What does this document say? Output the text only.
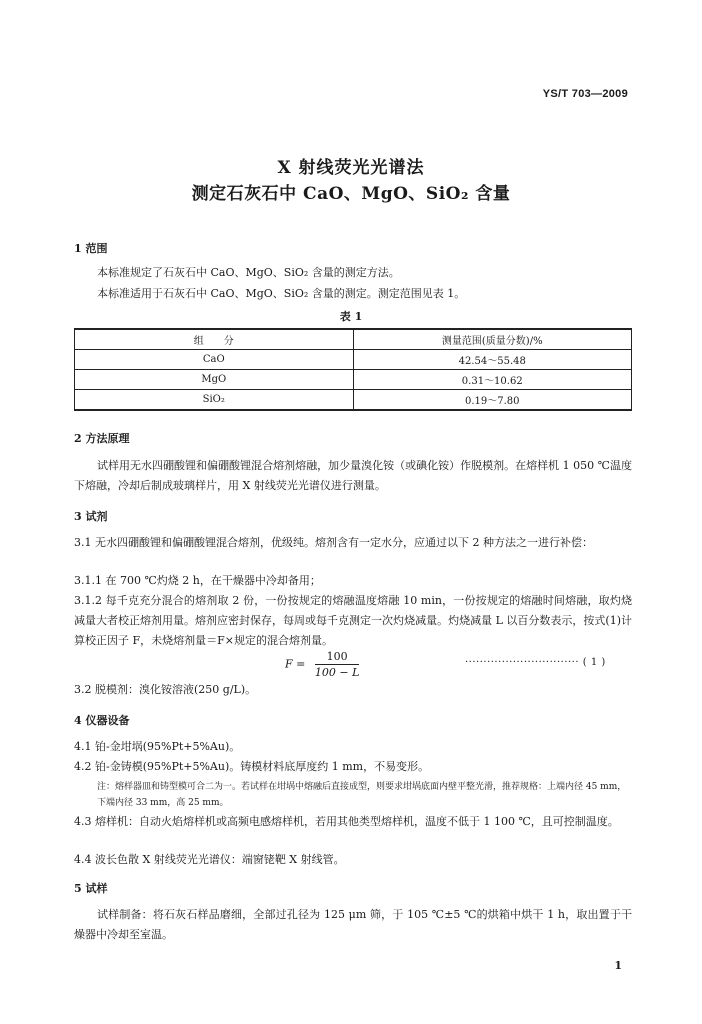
YS/T 703—2009
X 射线荧光光谱法
测定石灰石中 CaO、MgO、SiO₂ 含量
1 范围
本标准规定了石灰石中 CaO、MgO、SiO₂ 含量的测定方法。
本标准适用于石灰石中 CaO、MgO、SiO₂ 含量的测定。测定范围见表 1。
表 1
组　　分	测量范围(质量分数)/%
CaO	42.54～55.48
MgO	0.31～10.62
SiO₂	0.19～7.80
2 方法原理
试样用无水四硼酸锂和偏硼酸锂混合熔剂熔融，加少量溴化铵（或碘化铵）作脱模剂。在熔样机 1 050 ℃温度下熔融，冷却后制成玻璃样片，用 X 射线荧光光谱仪进行测量。
3 试剂
3.1 无水四硼酸锂和偏硼酸锂混合熔剂，优级纯。熔剂含有一定水分，应通过以下 2 种方法之一进行补偿：
3.1.1 在 700 ℃灼烧 2 h，在干燥器中冷却备用；
3.1.2 每千克充分混合的熔剂取 2 份，一份按规定的熔融温度熔融 10 min，一份按规定的熔融时间熔融，取灼烧减量大者校正熔剂用量。熔剂应密封保存，每周或每千克测定一次灼烧减量。灼烧减量 L 以百分数表示，按式(1)计算校正因子 F，未烧熔剂量＝F×规定的混合熔剂量。
$F = \frac{100}{100 - L}$	······························· ( 1 )
3.2 脱模剂：溴化铵溶液(250 g/L)。
4 仪器设备
4.1 铂-金坩埚(95%Pt+5%Au)。
4.2 铂-金铸模(95%Pt+5%Au)。铸模材料底厚度约 1 mm，不易变形。
注：熔样器皿和铸型模可合二为一。若试样在坩埚中熔融后直接成型，则要求坩埚底面内壁平整光滑，推荐规格：上端内径 45 mm，下端内径 33 mm，高 25 mm。
4.3 熔样机：自动火焰熔样机或高频电感熔样机，若用其他类型熔样机，温度不低于 1 100 ℃，且可控制温度。
4.4 波长色散 X 射线荧光光谱仪：端窗铑靶 X 射线管。
5 试样
试样制备：将石灰石样品磨细，全部过孔径为 125 μm 筛，于 105 ℃±5 ℃的烘箱中烘干 1 h，取出置于干燥器中冷却至室温。
1
